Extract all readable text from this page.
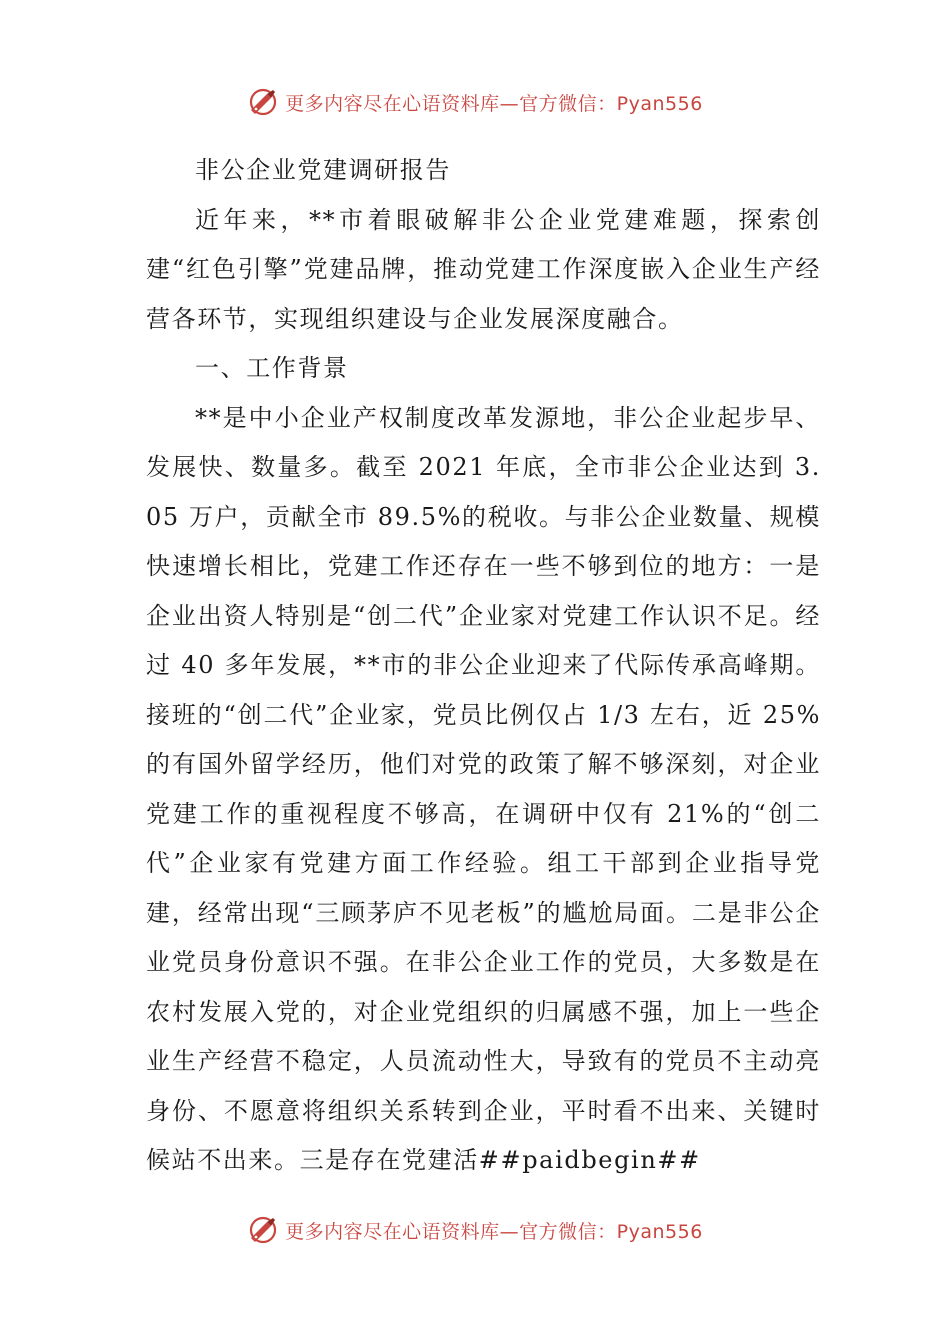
更多内容尽在心语资料库—官方微信：Pyan556

非公企业党建调研报告

近年来，**市着眼破解非公企业党建难题，探索创建“红色引擎”党建品牌，推动党建工作深度嵌入企业生产经营各环节，实现组织建设与企业发展深度融合。

一、工作背景

**是中小企业产权制度改革发源地，非公企业起步早、发展快、数量多。截至 2021 年底，全市非公企业达到 3.05 万户，贡献全市 89.5%的税收。与非公企业数量、规模快速增长相比，党建工作还存在一些不够到位的地方：一是企业出资人特别是“创二代”企业家对党建工作认识不足。经过 40 多年发展，**市的非公企业迎来了代际传承高峰期。接班的“创二代”企业家，党员比例仅占 1/3 左右，近 25%的有国外留学经历，他们对党的政策了解不够深刻，对企业党建工作的重视程度不够高，在调研中仅有 21%的“创二代”企业家有党建方面工作经验。组工干部到企业指导党建，经常出现“三顾茅庐不见老板”的尴尬局面。二是非公企业党员身份意识不强。在非公企业工作的党员，大多数是在农村发展入党的，对企业党组织的归属感不强，加上一些企业生产经营不稳定，人员流动性大，导致有的党员不主动亮身份、不愿意将组织关系转到企业，平时看不出来、关键时候站不出来。三是存在党建活##paidbegin##

更多内容尽在心语资料库—官方微信：Pyan556
